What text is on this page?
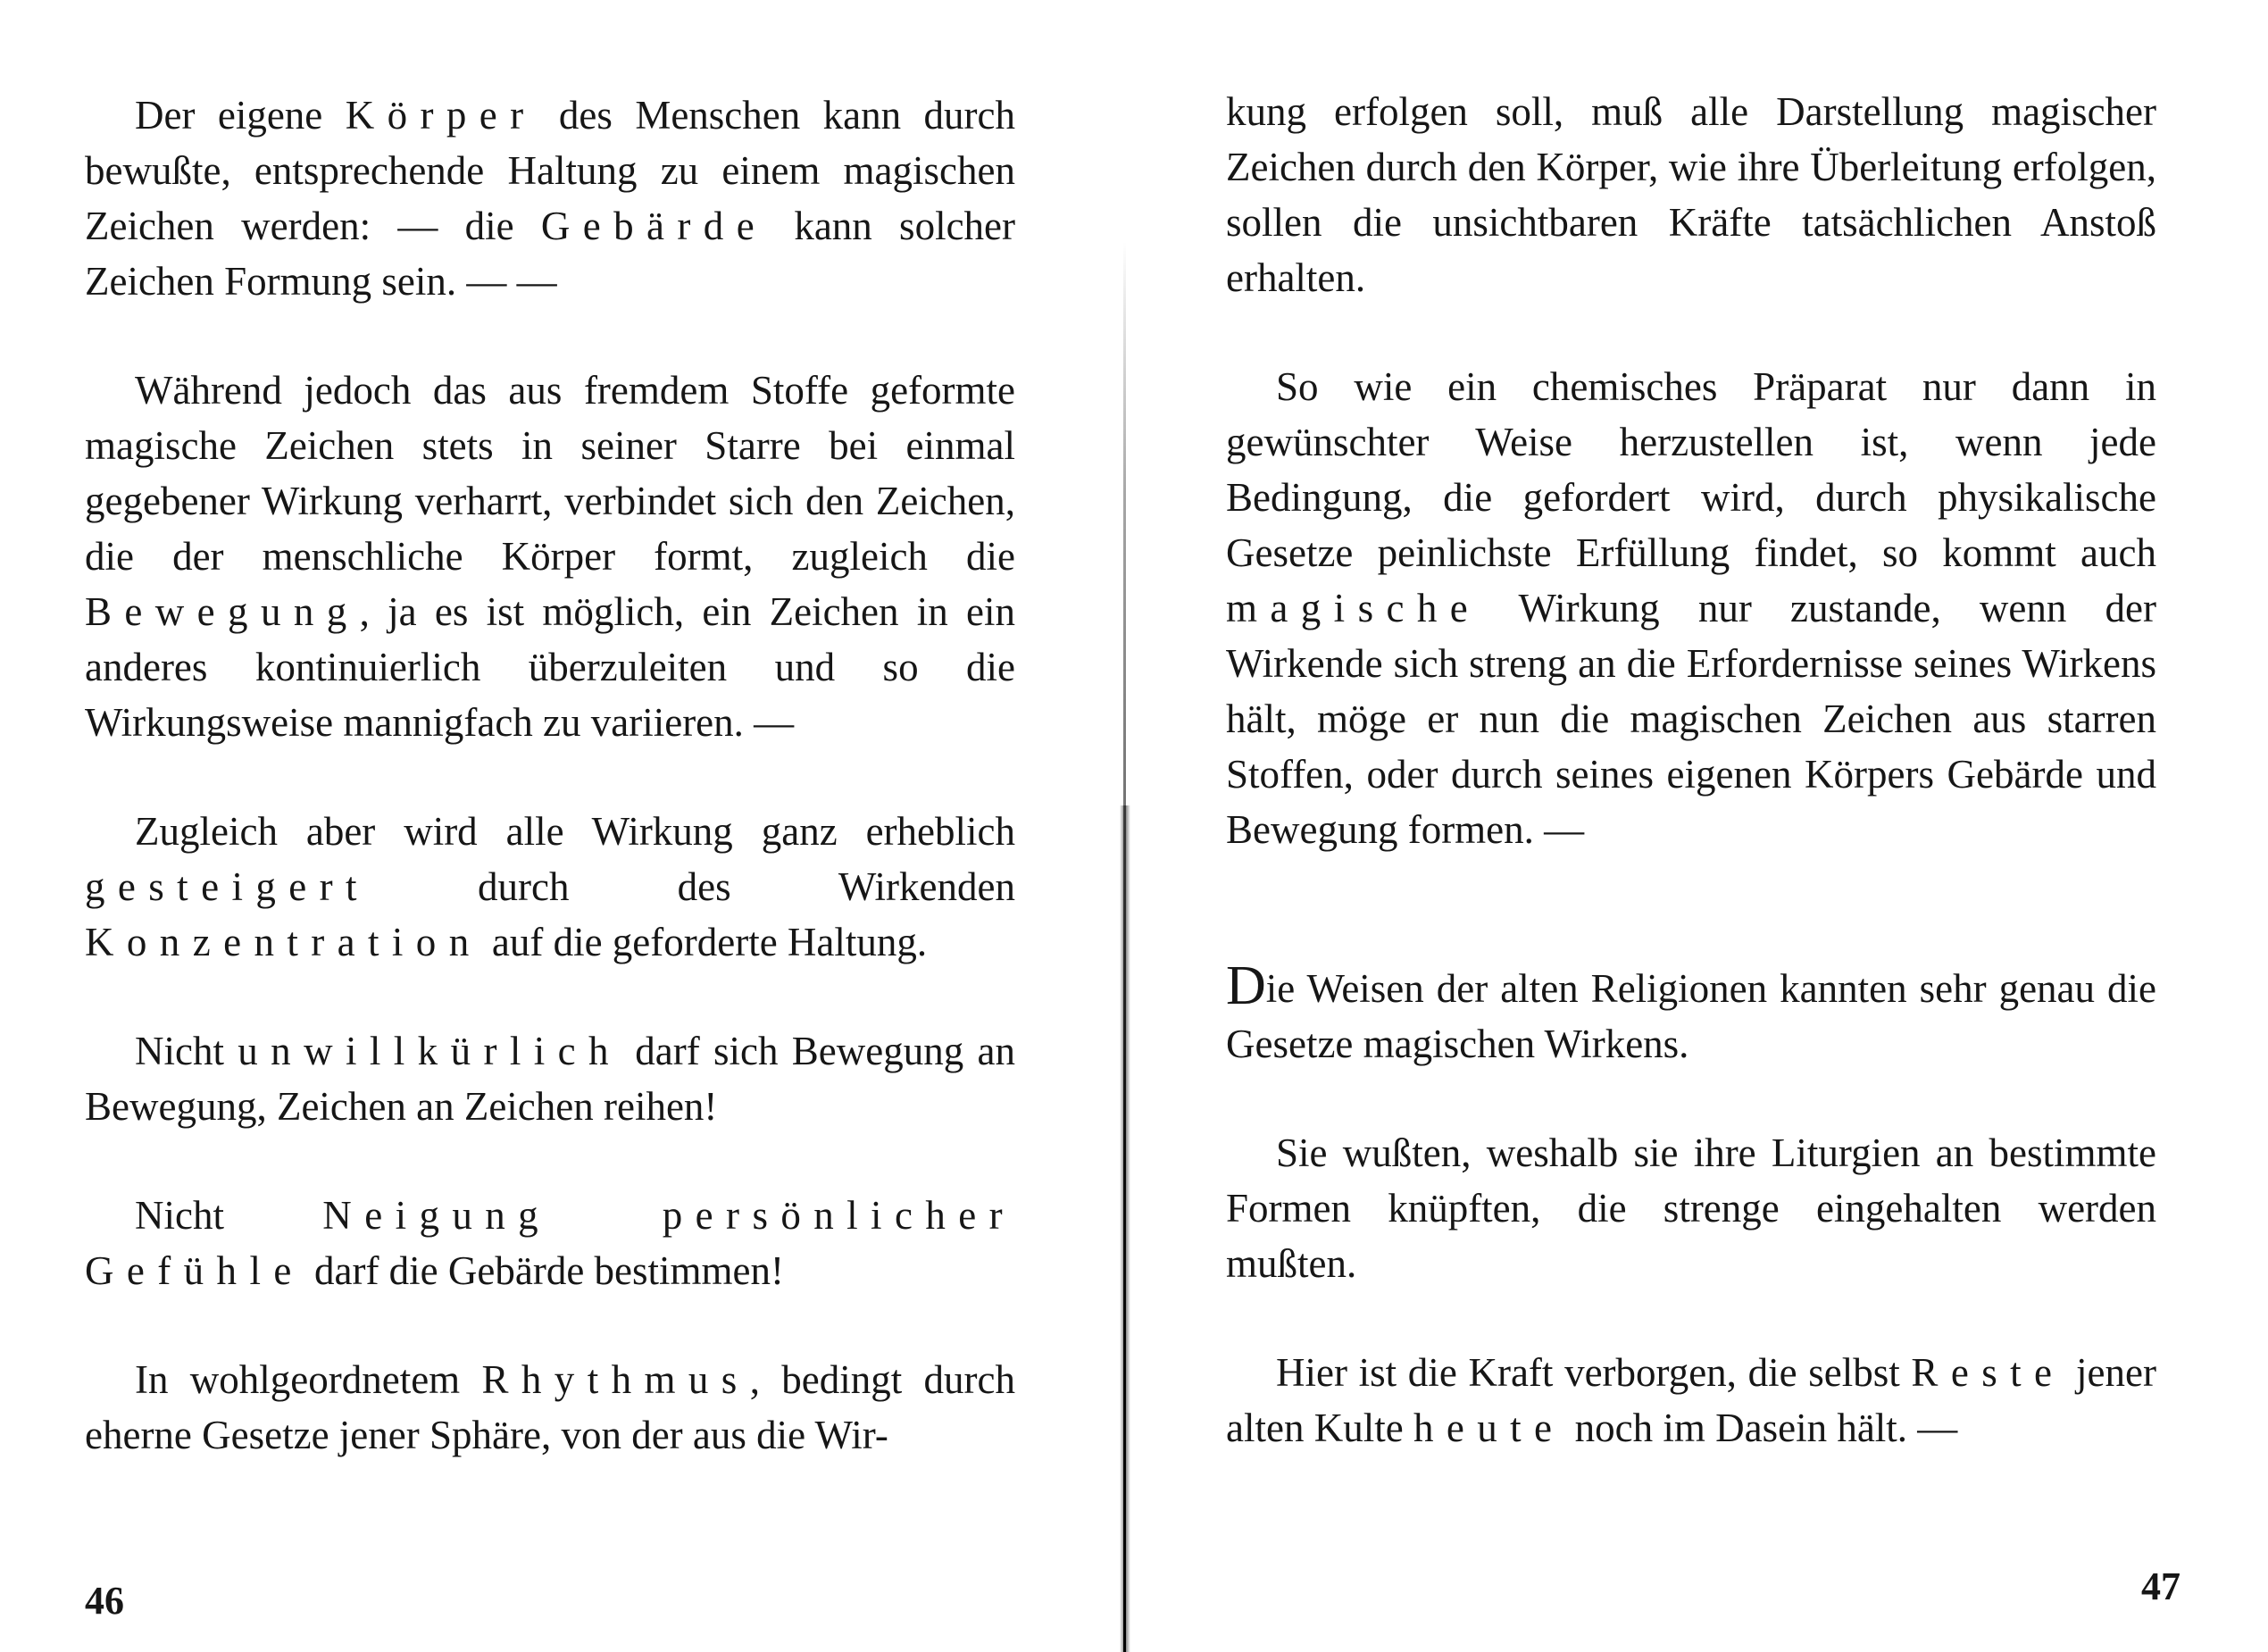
Der eigene Körper des Menschen kann durch bewußte, entsprechende Haltung zu einem magischen Zeichen werden: — die Gebärde kann solcher Zeichen Formung sein. — —

Während jedoch das aus fremdem Stoffe geformte magische Zeichen stets in seiner Starre bei einmal gegebener Wirkung verharrt, verbindet sich den Zeichen, die der menschliche Körper formt, zugleich die Bewegung, ja es ist möglich, ein Zeichen in ein anderes kontinuierlich überzuleiten und so die Wirkungsweise mannigfach zu variieren. —

Zugleich aber wird alle Wirkung ganz erheblich gesteigert durch des Wirkenden Konzentration auf die geforderte Haltung.

Nicht unwillkürlich darf sich Bewegung an Bewegung, Zeichen an Zeichen reihen!

Nicht Neigung persönlicher Gefühle darf die Gebärde bestimmen!

In wohlgeordnetem Rhythmus, bedingt durch eherne Gesetze jener Sphäre, von der aus die Wir-

46

kung erfolgen soll, muß alle Darstellung magischer Zeichen durch den Körper, wie ihre Überleitung erfolgen, sollen die unsichtbaren Kräfte tatsächlichen Anstoß erhalten.

So wie ein chemisches Präparat nur dann in gewünschter Weise herzustellen ist, wenn jede Bedingung, die gefordert wird, durch physikalische Gesetze peinlichste Erfüllung findet, so kommt auch magische Wirkung nur zustande, wenn der Wirkende sich streng an die Erfordernisse seines Wirkens hält, möge er nun die magischen Zeichen aus starren Stoffen, oder durch seines eigenen Körpers Gebärde und Bewegung formen. —

Die Weisen der alten Religionen kannten sehr genau die Gesetze magischen Wirkens.

Sie wußten, weshalb sie ihre Liturgien an bestimmte Formen knüpften, die strenge eingehalten werden mußten.

Hier ist die Kraft verborgen, die selbst Reste jener alten Kulte heute noch im Dasein hält. —

47
